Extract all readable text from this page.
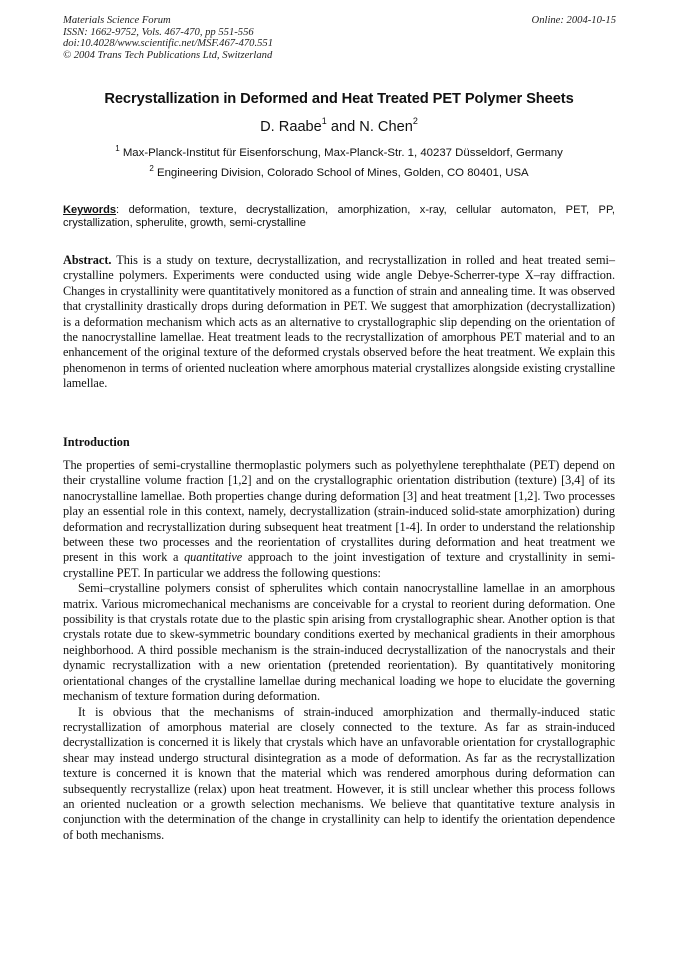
Materials Science Forum
ISSN: 1662-9752, Vols. 467-470, pp 551-556
doi:10.4028/www.scientific.net/MSF.467-470.551
© 2004 Trans Tech Publications Ltd, Switzerland
Online: 2004-10-15
Recrystallization in Deformed and Heat Treated PET Polymer Sheets
D. Raabe$^1$ and N. Chen$^2$
$^1$ Max-Planck-Institut für Eisenforschung, Max-Planck-Str. 1, 40237 Düsseldorf, Germany
$^2$ Engineering Division, Colorado School of Mines, Golden, CO 80401, USA
Keywords: deformation, texture, decrystallization, amorphization, x-ray, cellular automaton, PET, PP, crystallization, spherulite, growth, semi-crystalline

Abstract. This is a study on texture, decrystallization, and recrystallization in rolled and heat treated semi–crystalline polymers. Experiments were conducted using wide angle Debye-Scherrer-type X–ray diffraction. Changes in crystallinity were quantitatively monitored as a function of strain and annealing time. It was observed that crystallinity drastically drops during deformation in PET. We suggest that amorphization (decrystallization) is a deformation mechanism which acts as an alternative to crystallographic slip depending on the orientation of the nanocrystalline lamellae. Heat treatment leads to the recrystallization of amorphous PET material and to an enhancement of the original texture of the deformed crystals observed before the heat treatment. We explain this phenomenon in terms of oriented nucleation where amorphous material crystallizes alongside existing crystalline lamellae.

Introduction

The properties of semi-crystalline thermoplastic polymers such as polyethylene terephthalate (PET) depend on their crystalline volume fraction [1,2] and on the crystallographic orientation distribution (texture) [3,4] of its nanocrystalline lamellae. Both properties change during deformation [3] and heat treatment [1,2]. Two processes play an essential role in this context, namely, decrystallization (strain-induced solid-state amorphization) during deformation and recrystallization during subsequent heat treatment [1-4]. In order to understand the relationship between these two processes and the reorientation of crystallites during deformation and heat treatment we present in this work a quantitative approach to the joint investigation of texture and crystallinity in semi-crystalline PET. In particular we address the following questions:

Semi–crystalline polymers consist of spherulites which contain nanocrystalline lamellae in an amorphous matrix. Various micromechanical mechanisms are conceivable for a crystal to reorient during deformation. One possibility is that crystals rotate due to the plastic spin arising from crystallographic shear. Another option is that crystals rotate due to skew-symmetric boundary conditions exerted by mechanical gradients in their amorphous neighborhood. A third possible mechanism is the strain-induced decrystallization of the nanocrystals and their dynamic recrystallization with a new orientation (pretended reorientation). By quantitatively monitoring orientational changes of the crystalline lamellae during mechanical loading we hope to elucidate the governing mechanism of texture formation during deformation.

It is obvious that the mechanisms of strain-induced amorphization and thermally-induced static recrystallization of amorphous material are closely connected to the texture. As far as strain-induced decrystallization is concerned it is likely that crystals which have an unfavorable orientation for crystallographic shear may instead undergo structural disintegration as a mode of deformation. As far as the recrystallization texture is concerned it is known that the material which was rendered amorphous during deformation can subsequently recrystallize (relax) upon heat treatment. However, it is still unclear whether this process follows an oriented nucleation or a growth selection mechanisms. We believe that quantitative texture analysis in conjunction with the determination of the change in crystallinity can help to identify the orientation dependence of both mechanisms.
